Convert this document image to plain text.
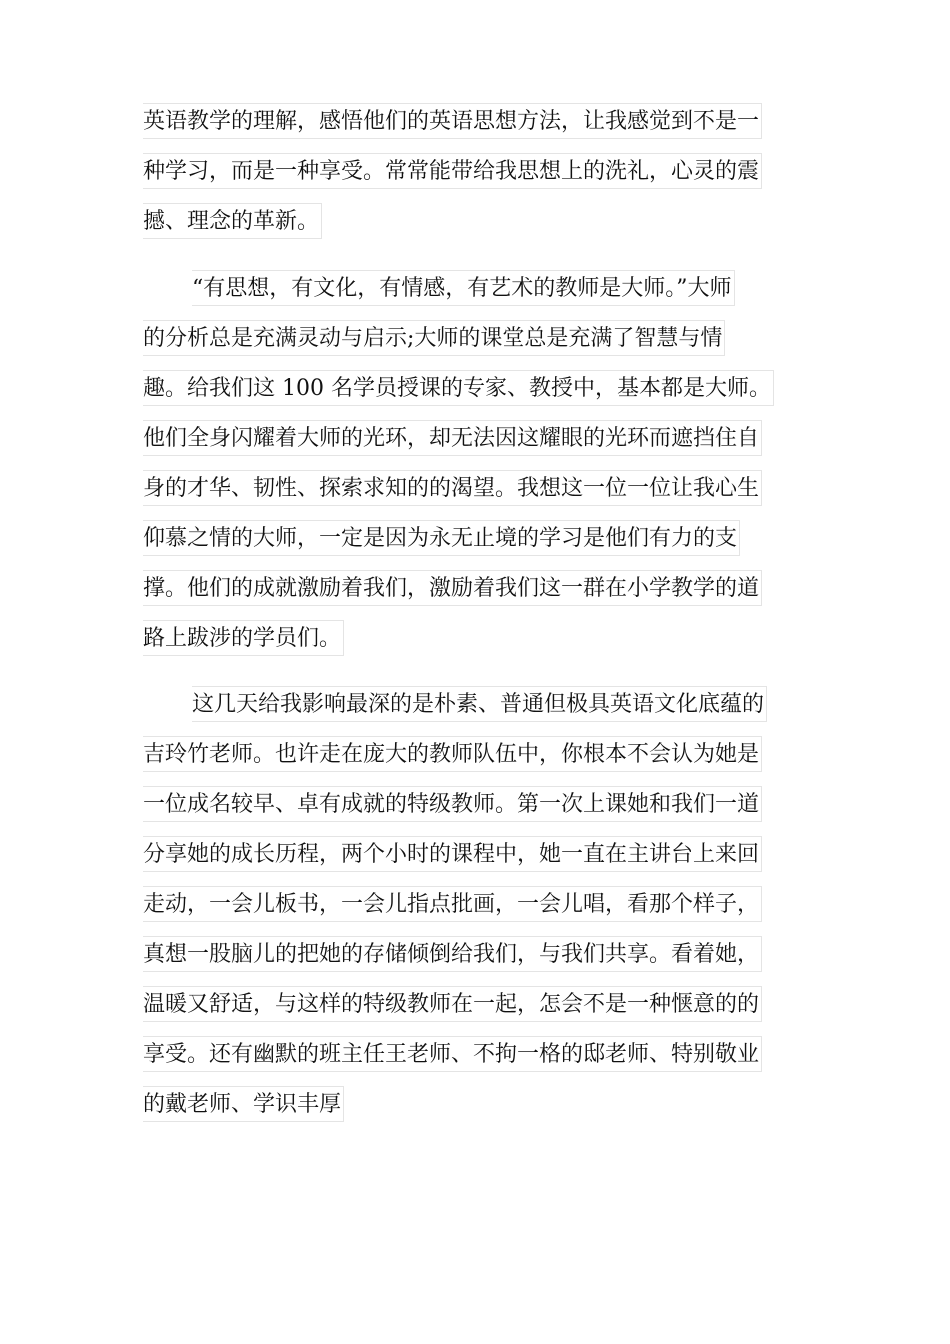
英语教学的理解，感悟他们的英语思想方法，让我感觉到不是一
种学习，而是一种享受。常常能带给我思想上的洗礼，心灵的震
撼、理念的革新。
“有思想，有文化，有情感，有艺术的教师是大师。”大师
的分析总是充满灵动与启示;大师的课堂总是充满了智慧与情
趣。给我们这 100 名学员授课的专家、教授中，基本都是大师。
他们全身闪耀着大师的光环，却无法因这耀眼的光环而遮挡住自
身的才华、韧性、探索求知的的渴望。我想这一位一位让我心生
仰慕之情的大师，一定是因为永无止境的学习是他们有力的支
撑。他们的成就激励着我们，激励着我们这一群在小学教学的道
路上跋涉的学员们。
这几天给我影响最深的是朴素、普通但极具英语文化底蕴的
吉玲竹老师。也许走在庞大的教师队伍中，你根本不会认为她是
一位成名较早、卓有成就的特级教师。第一次上课她和我们一道
分享她的成长历程，两个小时的课程中，她一直在主讲台上来回
走动，一会儿板书，一会儿指点批画，一会儿唱，看那个样子，
真想一股脑儿的把她的存储倾倒给我们，与我们共享。看着她，
温暖又舒适，与这样的特级教师在一起，怎会不是一种惬意的的
享受。还有幽默的班主任王老师、不拘一格的邸老师、特别敬业
的戴老师、学识丰厚
